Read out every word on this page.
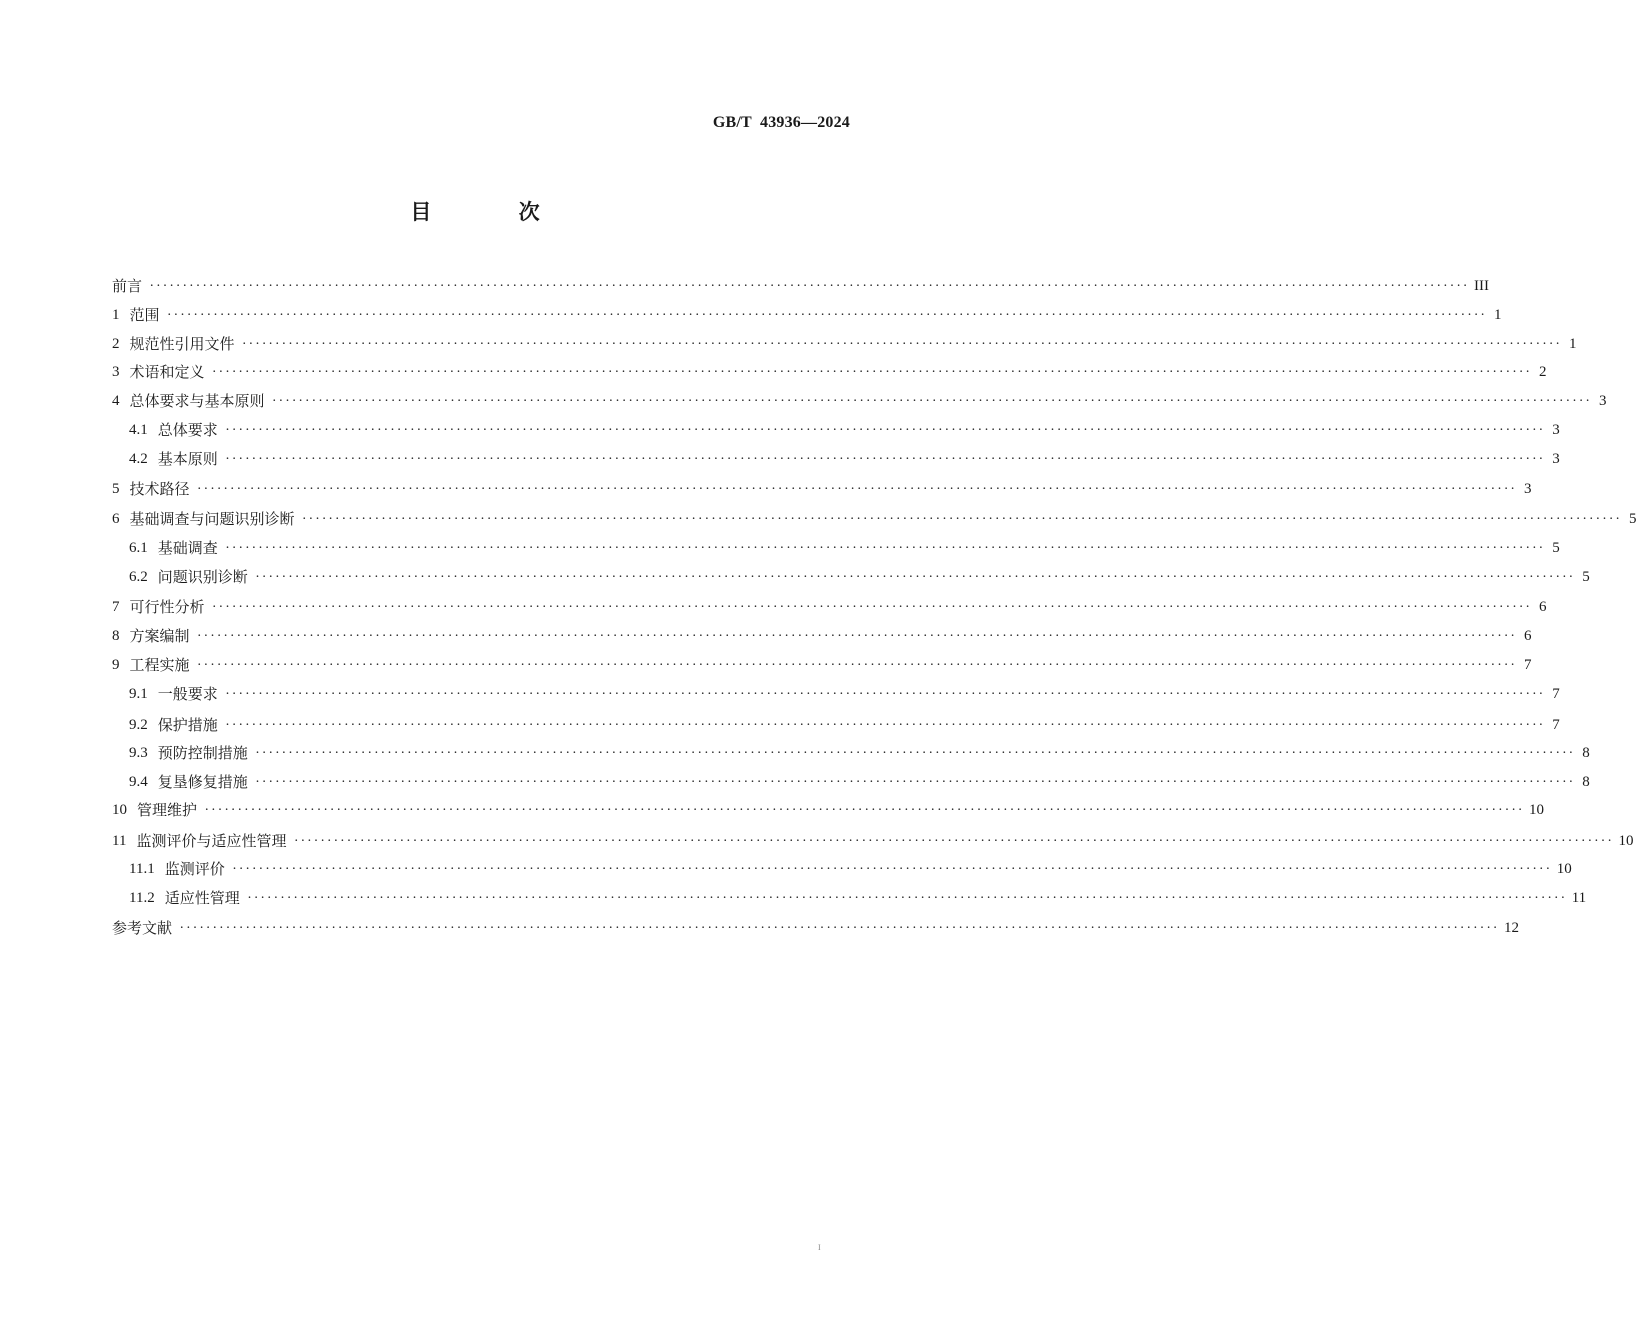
GB/T  43936—2024
目 次
前言 ........................................................................................................................................................................................................ III
1 范围 ........................................................................................................................................................................................................ 1
2 规范性引用文件 ........................................................................................................................................................................................................ 1
3 术语和定义 ........................................................................................................................................................................................................ 2
4 总体要求与基本原则 ........................................................................................................................................................................................................ 3
4.1 总体要求 ........................................................................................................................................................................................................ 3
4.2 基本原则 ........................................................................................................................................................................................................ 3
5 技术路径 ........................................................................................................................................................................................................ 3
6 基础调查与问题识别诊断 ........................................................................................................................................................................................................ 5
6.1 基础调查 ........................................................................................................................................................................................................ 5
6.2 问题识别诊断 ........................................................................................................................................................................................................ 5
7 可行性分析 ........................................................................................................................................................................................................ 6
8 方案编制 ........................................................................................................................................................................................................ 6
9 工程实施 ........................................................................................................................................................................................................ 7
9.1 一般要求 ........................................................................................................................................................................................................ 7
9.2 保护措施 ........................................................................................................................................................................................................ 7
9.3 预防控制措施 ........................................................................................................................................................................................................ 8
9.4 复垦修复措施 ........................................................................................................................................................................................................ 8
10 管理维护 ........................................................................................................................................................................................................ 10
11 监测评价与适应性管理 ........................................................................................................................................................................................................ 10
11.1 监测评价 ........................................................................................................................................................................................................ 10
11.2 适应性管理 ........................................................................................................................................................................................................ 11
参考文献 ........................................................................................................................................................................................................ 12
I
